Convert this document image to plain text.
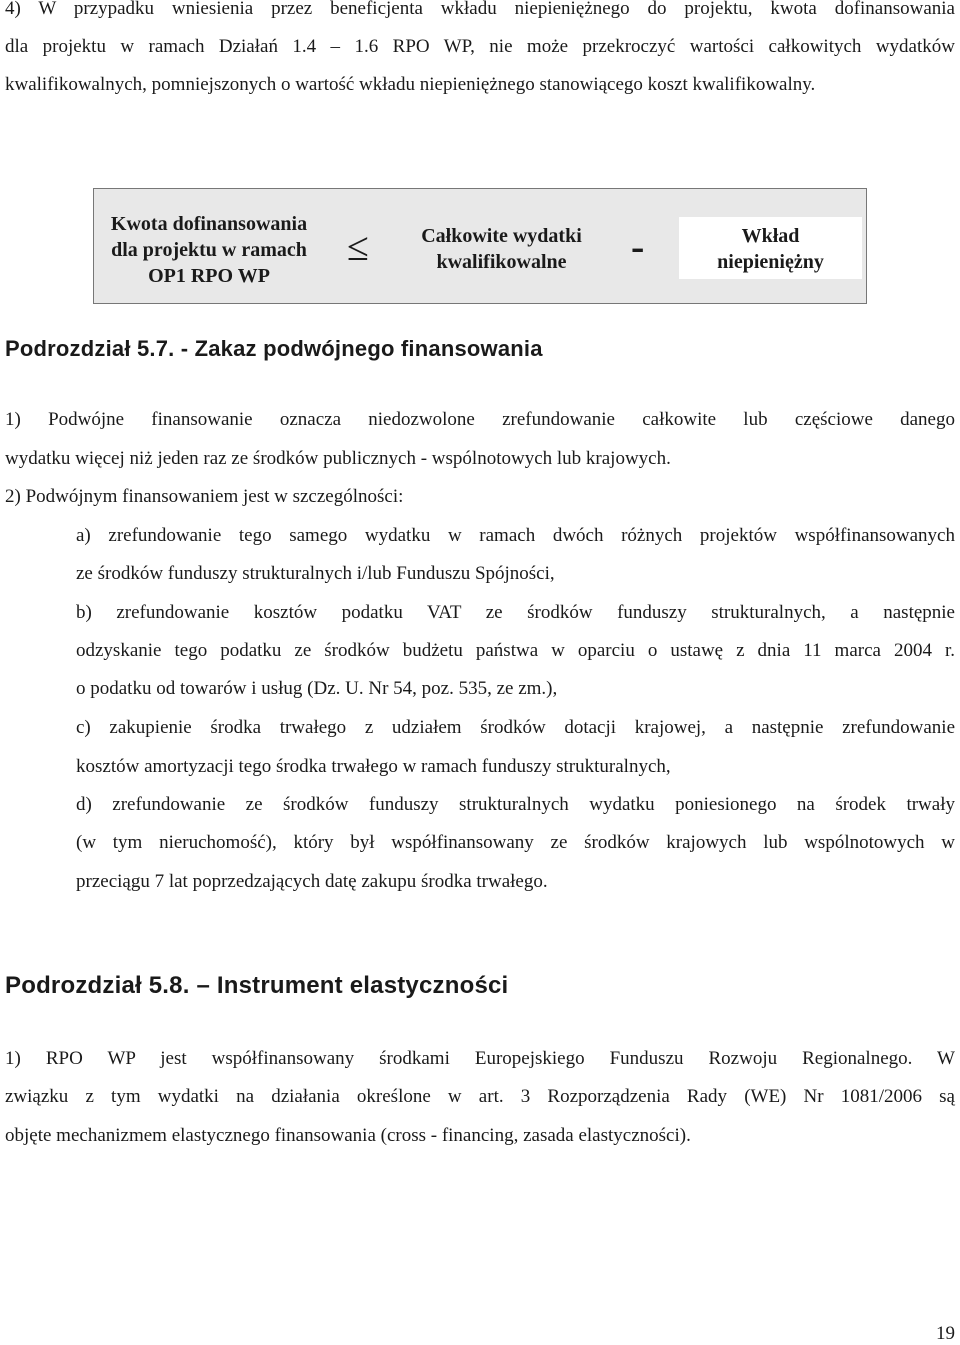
4) W przypadku wniesienia przez beneficjenta wkładu niepieniężnego do projektu, kwota dofinansowania

dla projektu w ramach Działań 1.4 – 1.6 RPO WP, nie może przekroczyć wartości całkowitych wydatków

kwalifikowalnych, pomniejszonych o wartość wkładu niepieniężnego stanowiącego koszt kwalifikowalny.

Kwota dofinansowania
dla projektu w ramach
OP1 RPO WP
≤	Całkowite wydatki
kwalifikowalne	-	Wkład
niepieniężny
Podrozdział 5.7. - Zakaz podwójnego finansowania

1) Podwójne finansowanie oznacza niedozwolone zrefundowanie całkowite lub częściowe danego

wydatku więcej niż jeden raz ze środków publicznych - wspólnotowych lub krajowych.

2) Podwójnym finansowaniem jest w szczególności:

a) zrefundowanie tego samego wydatku w ramach dwóch różnych projektów współfinansowanych

ze środków funduszy strukturalnych i/lub Funduszu Spójności,

b) zrefundowanie kosztów podatku VAT ze środków funduszy strukturalnych, a następnie

odzyskanie tego podatku ze środków budżetu państwa w oparciu o ustawę z dnia 11 marca 2004 r.

o podatku od towarów i usług (Dz. U. Nr 54, poz. 535, ze zm.),

c) zakupienie środka trwałego z udziałem środków dotacji krajowej, a następnie zrefundowanie

kosztów amortyzacji tego środka trwałego w ramach funduszy strukturalnych,

d) zrefundowanie ze środków funduszy strukturalnych wydatku poniesionego na środek trwały

(w tym nieruchomość), który był współfinansowany ze środków krajowych lub wspólnotowych w

przeciągu 7 lat poprzedzających datę zakupu środka trwałego.

Podrozdział 5.8. – Instrument elastyczności

1) RPO WP jest współfinansowany środkami Europejskiego Funduszu Rozwoju Regionalnego. W

związku z tym wydatki na działania określone w art. 3 Rozporządzenia Rady (WE) Nr 1081/2006 są

objęte mechanizmem elastycznego finansowania (cross - financing, zasada elastyczności).

19
